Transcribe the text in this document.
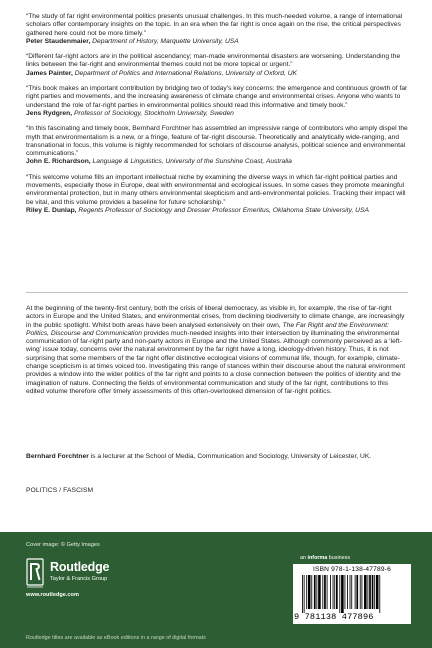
“The study of far right environmental politics presents unusual challenges. In this much-needed volume, a range of international scholars offer contemporary insights on the topic. In an era when the far right is once again on the rise, the critical perspectives gathered here could not be more timely.”

Peter Staudenmaier, Department of History, Marquette University, USA

“Different far-right actors are in the political ascendancy; man-made environmental disasters are worsening. Understanding the links between the far-right and environmental themes could not be more topical or urgent.”

James Painter, Department of Politics and International Relations, University of Oxford, UK

“This book makes an important contribution by bridging two of today’s key concerns: the emergence and continuous growth of far right parties and movements, and the increasing awareness of climate change and environmental crises. Anyone who wants to understand the role of far-right parties in environmental politics should read this informative and timely book.”

Jens Rydgren, Professor of Sociology, Stockholm University, Sweden

“In this fascinating and timely book, Bernhard Forchtner has assembled an impressive range of contributors who amply dispel the myth that environmentalism is a new, or a fringe, feature of far-right discourse. Theoretically and analytically wide-ranging, and transnational in focus, this volume is highly recommended for scholars of discourse analysis, political science and environmental communications.”

John E. Richardson, Language & Linguistics, University of the Sunshine Coast, Australia

“This welcome volume fills an important intellectual niche by examining the diverse ways in which far-right political parties and movements, especially those in Europe, deal with environmental and ecological issues. In some cases they promote meaningful environmental protection, but in many others environmental skepticism and anti-environmental policies. Tracking their impact will be vital, and this volume provides a baseline for future scholarship.”

Riley E. Dunlap, Regents Professor of Sociology and Dresser Professor Emeritus, Oklahoma State University, USA

At the beginning of the twenty-first century, both the crisis of liberal democracy, as visible in, for example, the rise of far-right actors in Europe and the United States, and environmental crises, from declining biodiversity to climate change, are increasingly in the public spotlight. Whilst both areas have been analysed extensively on their own, The Far Right and the Environment: Politics, Discourse and Communication provides much-needed insights into their intersection by illuminating the environmental communication of far-right party and non-party actors in Europe and the United States. Although commonly perceived as a ‘left-wing’ issue today, concerns over the natural environment by the far right have a long, ideology-driven history. Thus, it is not surprising that some members of the far right offer distinctive ecological visions of communal life, though, for example, climate-change scepticism is at times voiced too. Investigating this range of stances within their discourse about the natural environment provides a window into the wider politics of the far right and points to a close connection between the politics of identity and the imagination of nature. Connecting the fields of environmental communication and study of the far right, contributions to this edited volume therefore offer timely assessments of this often-overlooked dimension of far-right politics.

Bernhard Forchtner is a lecturer at the School of Media, Communication and Sociology, University of Leicester, UK.

POLITICS / FASCISM

Cover image: © Getty Images
Routledge
Taylor & Francis Group
www.routledge.com
an informa business
ISBN 978-1-138-47789-6
9 781138 477896
Routledge titles are available as eBook editions in a range of digital formats
